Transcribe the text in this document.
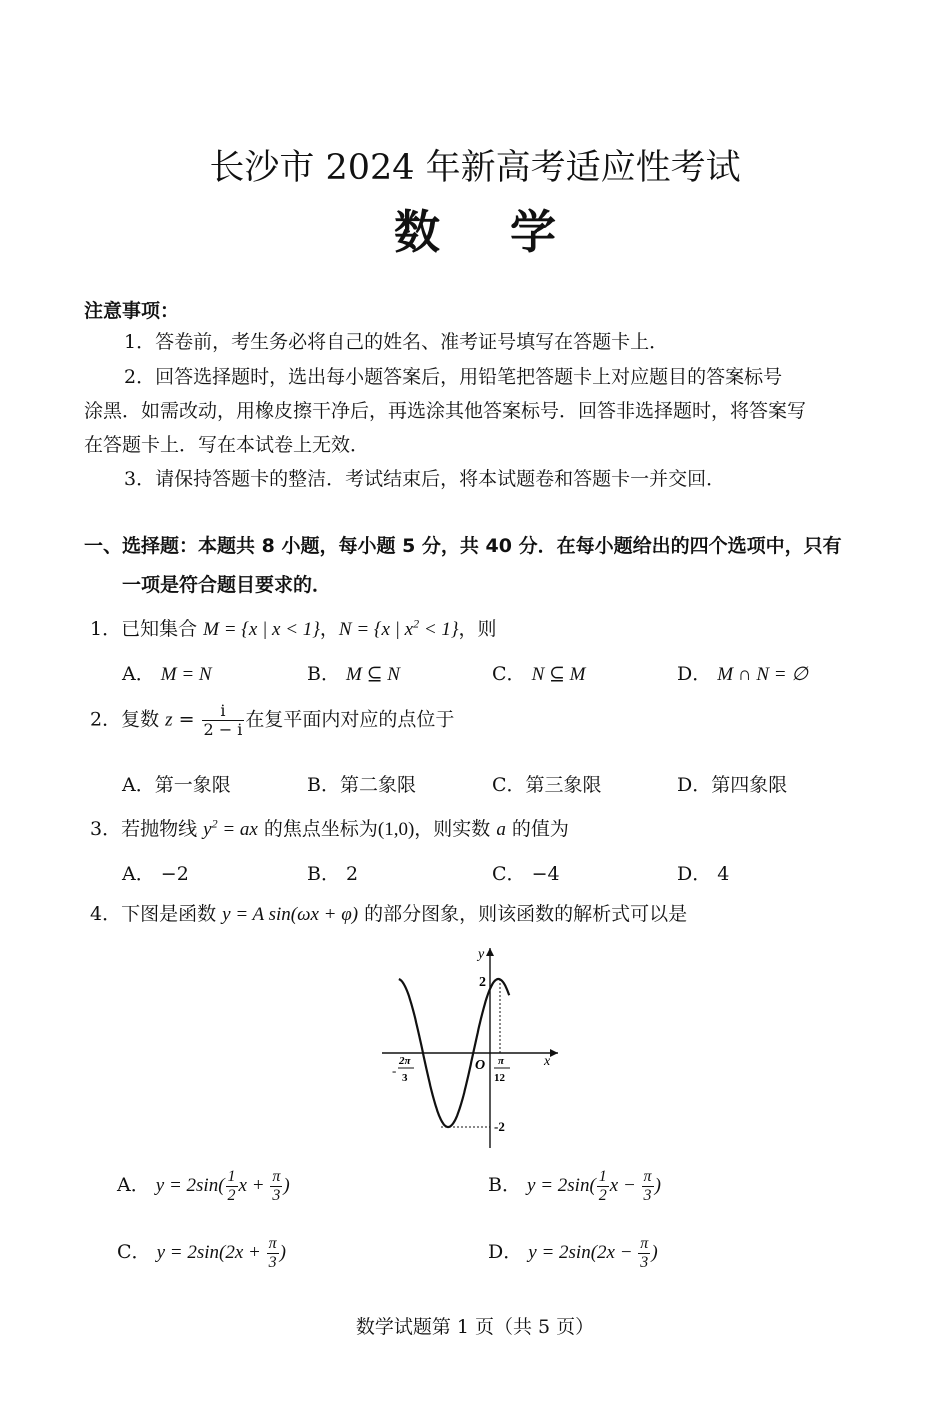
长沙市 2024 年新高考适应性考试
数学
注意事项：
1．答卷前，考生务必将自己的姓名、准考证号填写在答题卡上．
2．回答选择题时，选出每小题答案后，用铅笔把答题卡上对应题目的答案标号
涂黑．如需改动，用橡皮擦干净后，再选涂其他答案标号．回答非选择题时，将答案写
在答题卡上．写在本试卷上无效．
3．请保持答题卡的整洁．考试结束后，将本试题卷和答题卡一并交回．
一、选择题：本题共 8 小题，每小题 5 分，共 40 分．在每小题给出的四个选项中，只有
一项是符合题目要求的．
1．已知集合 M = {x | x < 1}，N = {x | $x^2 < 1$}，则
A． M = N	B． M ⊆ N	C． N ⊆ M	D． M ∩ N = ∅
2．复数 $z = \frac{i}{2 - i}$ 在复平面内对应的点位于
A．第一象限	B．第二象限	C．第三象限	D．第四象限
3．若抛物线 $y^2$ = ax 的焦点坐标为(1,0)，则实数 a 的值为
A． −2	B． 2	C． −4	D． 4
4．下图是函数 y = A sin(ωx + φ) 的部分图象，则该函数的解析式可以是
y
x
O
2
-2
-
2π
3
π
12
A． $y = 2\sin( \frac{1}{2}$ $x + \frac{\pi}{3}$ )	B． $y = 2\sin( \frac{1}{2}$ $x - \frac{\pi}{3}$ )
C． $y = 2\sin(2x + \frac{\pi}{3}$ )	D． $y = 2\sin(2x - \frac{\pi}{3}$ )
数学试题第 1 页（共 5 页）
